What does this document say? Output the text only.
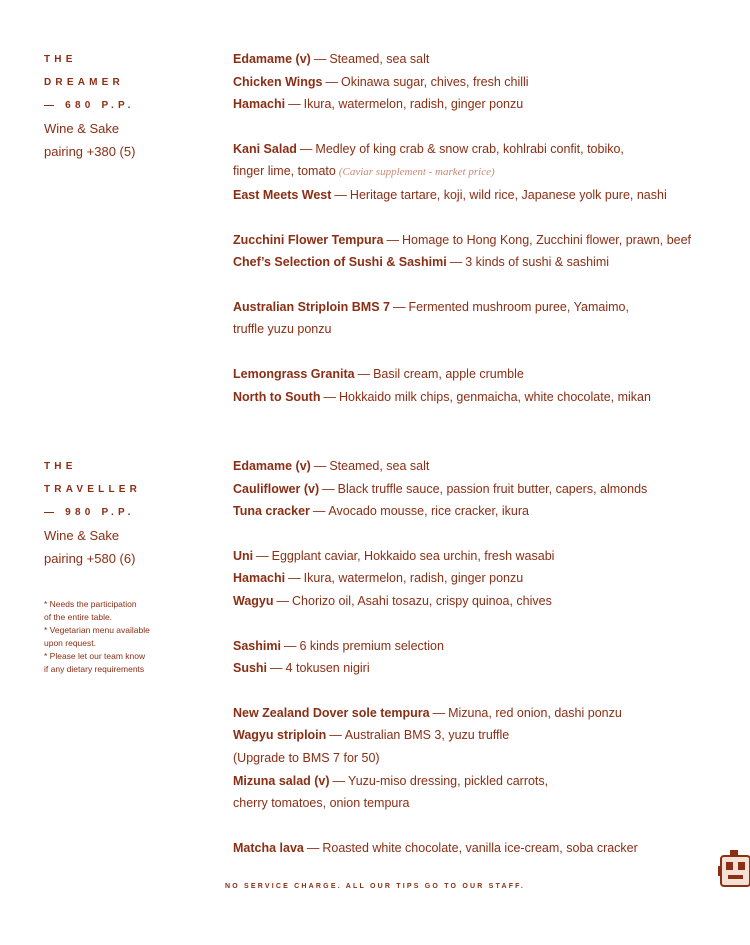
THE
DREAMER
— 680 P.P.
Wine & Sake
pairing +380 (5)
Edamame (v) — Steamed, sea salt
Chicken Wings — Okinawa sugar, chives, fresh chilli
Hamachi — Ikura, watermelon, radish, ginger ponzu
Kani Salad — Medley of king crab & snow crab, kohlrabi confit, tobiko,
finger lime, tomato (Caviar supplement - market price)
East Meets West — Heritage tartare, koji, wild rice, Japanese yolk pure, nashi
Zucchini Flower Tempura — Homage to Hong Kong, Zucchini flower, prawn, beef
Chef’s Selection of Sushi & Sashimi — 3 kinds of sushi & sashimi
Australian Striploin BMS 7 — Fermented mushroom puree, Yamaimo,
truffle yuzu ponzu
Lemongrass Granita — Basil cream, apple crumble
North to South — Hokkaido milk chips, genmaicha, white chocolate, mikan
THE
TRAVELLER
— 980 P.P.
Wine & Sake
pairing +580 (6)
* Needs the participation
of the entire table.
* Vegetarian menu available
upon request.
* Please let our team know
if any dietary requirements
Edamame (v) — Steamed, sea salt
Cauliflower (v) — Black truffle sauce, passion fruit butter, capers, almonds
Tuna cracker — Avocado mousse, rice cracker, ikura
Uni — Eggplant caviar, Hokkaido sea urchin, fresh wasabi
Hamachi — Ikura, watermelon, radish, ginger ponzu
Wagyu — Chorizo oil, Asahi tosazu, crispy quinoa, chives
Sashimi — 6 kinds premium selection
Sushi — 4 tokusen nigiri
New Zealand Dover sole tempura — Mizuna, red onion, dashi ponzu
Wagyu striploin — Australian BMS 3, yuzu truffle
(Upgrade to BMS 7 for 50)
Mizuna salad (v) — Yuzu-miso dressing, pickled carrots,
cherry tomatoes, onion tempura
Matcha lava — Roasted white chocolate, vanilla ice-cream, soba cracker
NO SERVICE CHARGE. ALL OUR TIPS GO TO OUR STAFF.
